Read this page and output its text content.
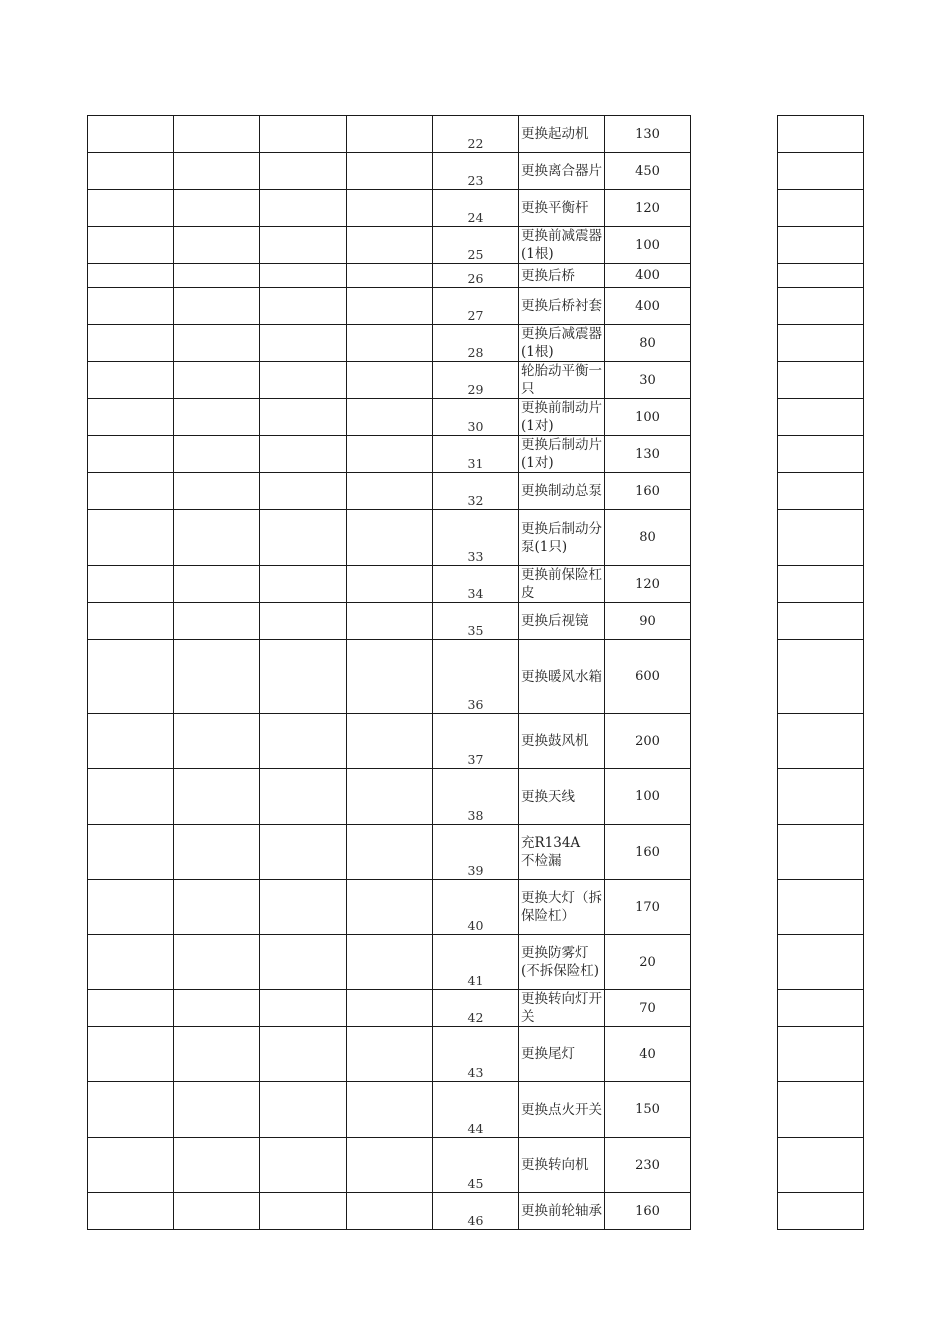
				22	更换起动机	130		
				23	更换离合器片	450		
				24	更换平衡杆	120		
				25	更换前减震器　(1根)	100		
				26	更换后桥	400		
				27	更换后桥衬套	400		
				28	更换后减震器　(1根)	80		
				29	轮胎动平衡一只	30		
				30	更换前制动片　(1对)	100		
				31	更换后制动片　(1对)	130		
				32	更换制动总泵	160		
				33	更换后制动分泵(1只)	80		
				34	更换前保险杠皮	120		
				35	更换后视镜	90		
				36	更换暖风水箱	600		
				37	更换鼓风机	200		
				38	更换天线	100		
				39	充R134A　不检漏	160		
				40	更换大灯（拆保险杠）	170		
				41	更换防雾灯(不拆保险杠)	20		
				42	更换转向灯开关	70		
				43	更换尾灯	40		
				44	更换点火开关	150		
				45	更换转向机	230		
				46	更换前轮轴承	160		
